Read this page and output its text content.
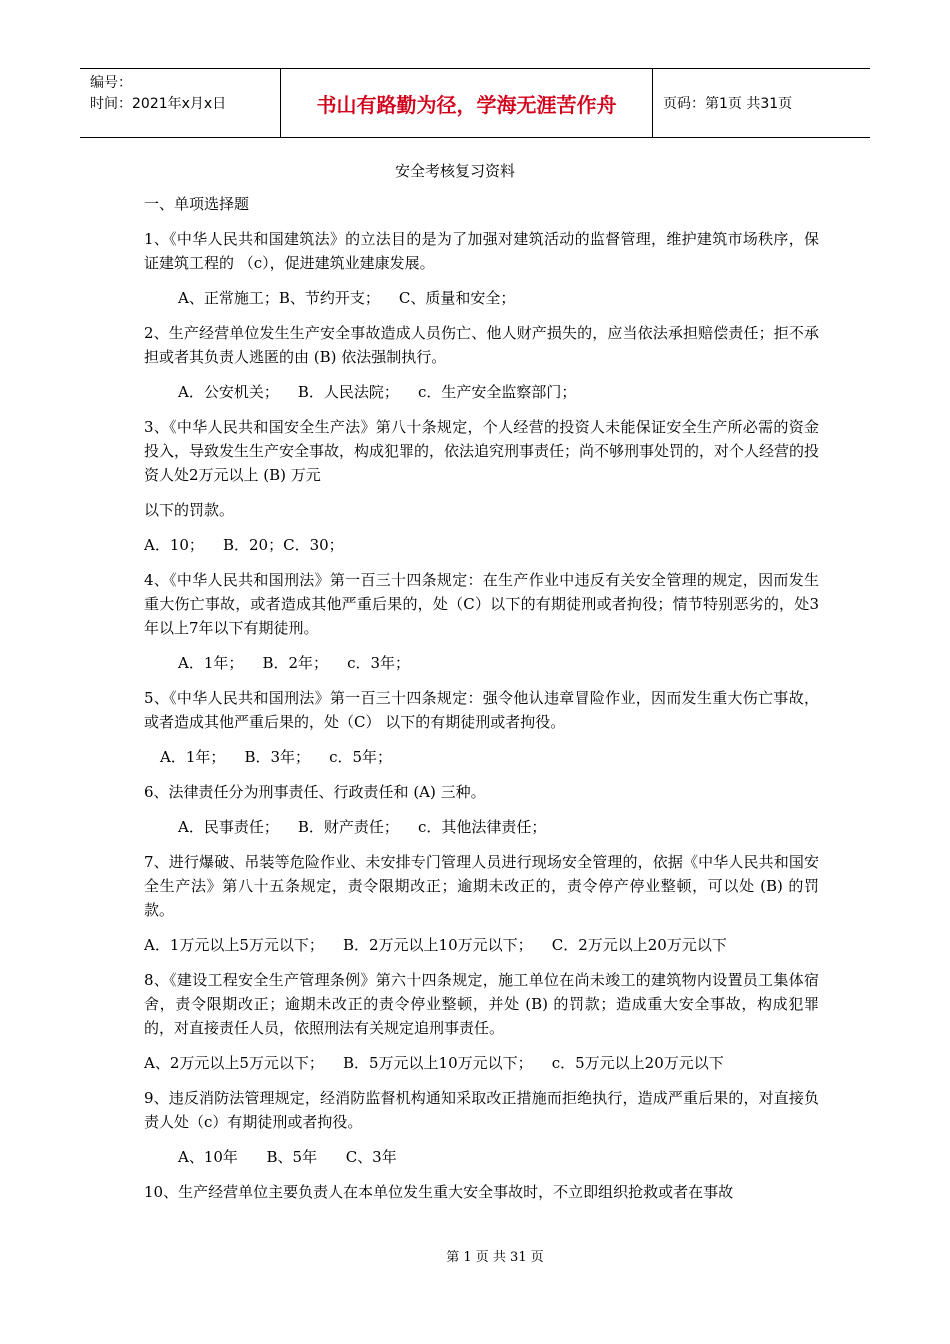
编号：
时间：2021年x月x日	书山有路勤为径，学海无涯苦作舟	页码：第1页 共31页
安全考核复习资料

一、单项选择题

1、《中华人民共和国建筑法》的立法目的是为了加强对建筑活动的监督管理，维护建筑市场秩序，保证建筑工程的 （c），促进建筑业建康发展。

A、正常施工；B、节约开支；    C、质量和安全；

2、生产经营单位发生生产安全事故造成人员伤亡、他人财产损失的，应当依法承担赔偿责任；拒不承担或者其负责人逃匿的由 (B) 依法强制执行。

A．公安机关；    B．人民法院；    c．生产安全监察部门；

3、《中华人民共和国安全生产法》第八十条规定，个人经营的投资人未能保证安全生产所必需的资金投入，导致发生生产安全事故，构成犯罪的，依法追究刑事责任；尚不够刑事处罚的，对个人经营的投资人处2万元以上 (B) 万元

以下的罚款。

A．10；    B．20；C．30；

4、《中华人民共和国刑法》第一百三十四条规定：在生产作业中违反有关安全管理的规定，因而发生重大伤亡事故，或者造成其他严重后果的，处（C）以下的有期徒刑或者拘役；情节特别恶劣的，处3年以上7年以下有期徒刑。

A．1年；    B．2年；    c．3年；

5、《中华人民共和国刑法》第一百三十四条规定：强令他认违章冒险作业，因而发生重大伤亡事故，或者造成其他严重后果的，处（C） 以下的有期徒刑或者拘役。

A．1年；    B．3年；    c．5年；

6、法律责任分为刑事责任、行政责任和 (A) 三种。

A．民事责任；    B．财产责任；    c．其他法律责任；

7、进行爆破、吊装等危险作业、未安排专门管理人员进行现场安全管理的，依据《中华人民共和国安全生产法》第八十五条规定，责令限期改正；逾期未改正的，责令停产停业整顿，可以处 (B) 的罚款。

A．1万元以上5万元以下；    B．2万元以上10万元以下；    C．2万元以上20万元以下

8、《建设工程安全生产管理条例》第六十四条规定，施工单位在尚未竣工的建筑物内设置员工集体宿舍，责令限期改正；逾期未改正的责令停业整顿，并处 (B) 的罚款；造成重大安全事故，构成犯罪的，对直接责任人员，依照刑法有关规定追刑事责任。

A、2万元以上5万元以下；    B．5万元以上10万元以下；    c．5万元以上20万元以下

9、违反消防法管理规定，经消防监督机构通知采取改正措施而拒绝执行，造成严重后果的，对直接负责人处（c）有期徒刑或者拘役。

A、10年      B、5年      C、3年

10、生产经营单位主要负责人在本单位发生重大安全事故时，不立即组织抢救或者在事故

第 1 页 共 31 页
